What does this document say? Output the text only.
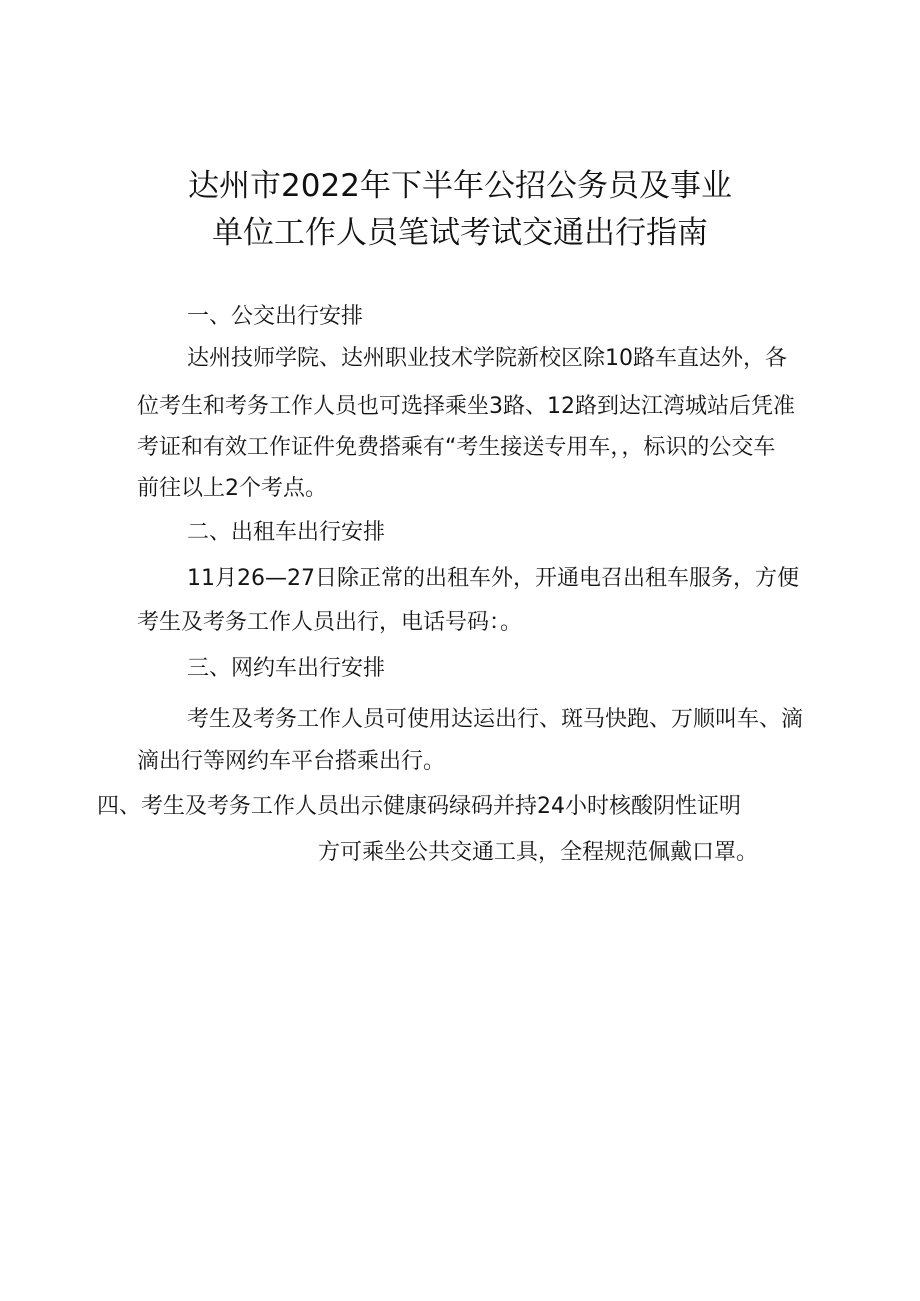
达州市2022年下半年公招公务员及事业
单位工作人员笔试考试交通出行指南
一、公交出行安排
达州技师学院、达州职业技术学院新校区除10路车直达外，各
位考生和考务工作人员也可选择乘坐3路、12路到达江湾城站后凭准
考证和有效工作证件免费搭乘有“考生接送专用车，，标识的公交车
前往以上2个考点。
二、出租车出行安排
11月26—27日除正常的出租车外，开通电召出租车服务，方便
考生及考务工作人员出行，电话号码：。
三、网约车出行安排
考生及考务工作人员可使用达运出行、斑马快跑、万顺叫车、滴
滴出行等网约车平台搭乘出行。
四、考生及考务工作人员出示健康码绿码并持24小时核酸阴性证明
方可乘坐公共交通工具，全程规范佩戴口罩。
